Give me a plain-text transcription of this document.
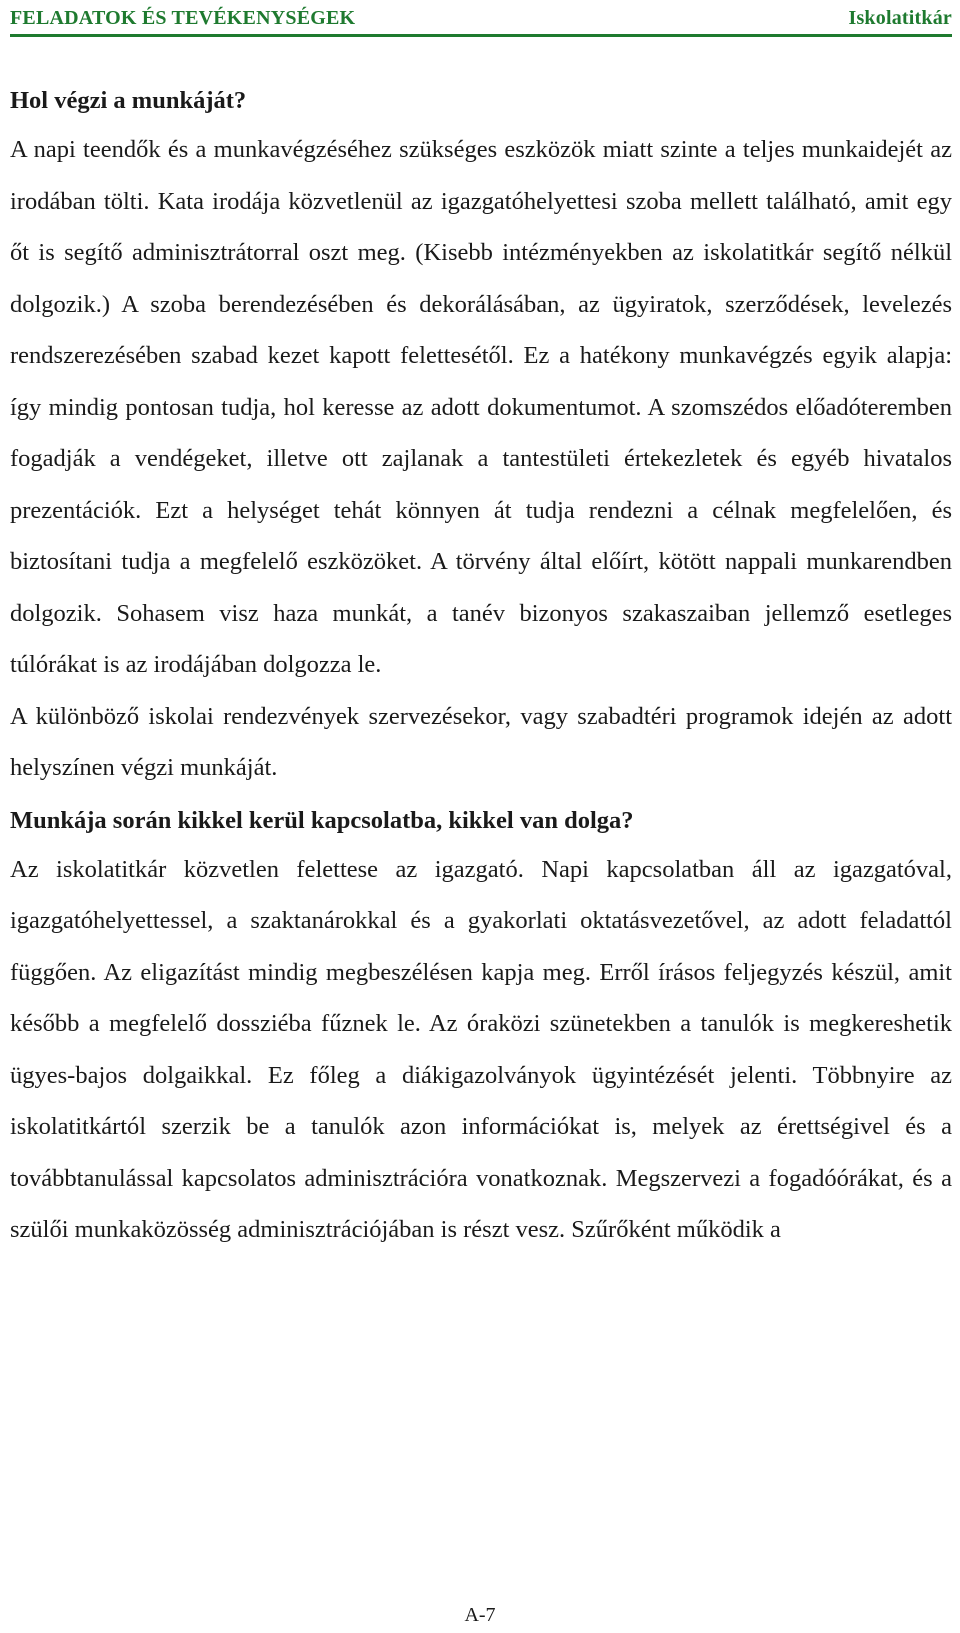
FELADATOK ÉS TEVÉKENYSÉGEK	Iskolatitkár
Hol végzi a munkáját?

A napi teendők és a munkavégzéséhez szükséges eszközök miatt szinte a teljes munkaidejét az irodában tölti. Kata irodája közvetlenül az igazgatóhelyettesi szoba mellett található, amit egy őt is segítő adminisztrátorral oszt meg. (Kisebb intézményekben az iskolatitkár segítő nélkül dolgozik.) A szoba berendezésében és dekorálásában, az ügyiratok, szerződések, levelezés rendszerezésében szabad kezet kapott felettesétől. Ez a hatékony munkavégzés egyik alapja: így mindig pontosan tudja, hol keresse az adott dokumentumot. A szomszédos előadóteremben fogadják a vendégeket, illetve ott zajlanak a tantestületi értekezletek és egyéb hivatalos prezentációk. Ezt a helységet tehát könnyen át tudja rendezni a célnak megfelelően, és biztosítani tudja a megfelelő eszközöket. A törvény által előírt, kötött nappali munkarendben dolgozik. Sohasem visz haza munkát, a tanév bizonyos szakaszaiban jellemző esetleges túlórákat is az irodájában dolgozza le.

A különböző iskolai rendezvények szervezésekor, vagy szabadtéri programok idején az adott helyszínen végzi munkáját.

Munkája során kikkel kerül kapcsolatba, kikkel van dolga?

Az iskolatitkár közvetlen felettese az igazgató. Napi kapcsolatban áll az igazgatóval, igazgatóhelyettessel, a szaktanárokkal és a gyakorlati oktatásvezetővel, az adott feladattól függően. Az eligazítást mindig megbeszélésen kapja meg. Erről írásos feljegyzés készül, amit később a megfelelő dossziéba fűznek le. Az óraközi szünetekben a tanulók is megkereshetik ügyes-bajos dolgaikkal. Ez főleg a diákigazolványok ügyintézését jelenti. Többnyire az iskolatitkártól szerzik be a tanulók azon információkat is, melyek az érettségivel és a továbbtanulással kapcsolatos adminisztrációra vonatkoznak. Megszervezi a fogadóórákat, és a szülői munkaközösség adminisztrációjában is részt vesz. Szűrőként működik a

A-7
